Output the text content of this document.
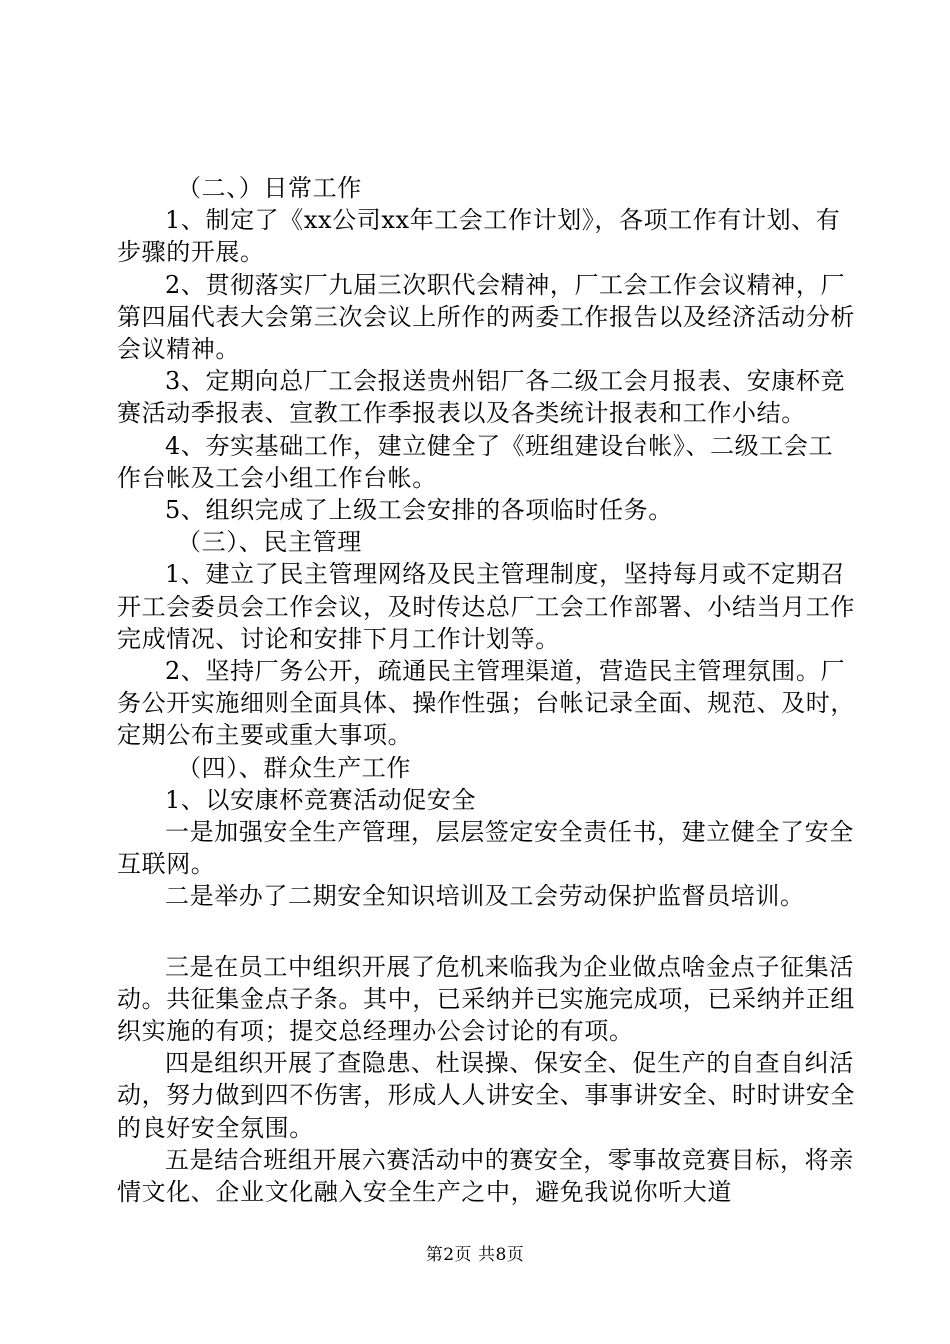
（二、）日常工作

1、制定了《xx公司xx年工会工作计划》，各项工作有计划、有步骤的开展。

2、贯彻落实厂九届三次职代会精神，厂工会工作会议精神，厂第四届代表大会第三次会议上所作的两委工作报告以及经济活动分析会议精神。

3、定期向总厂工会报送贵州铝厂各二级工会月报表、安康杯竞赛活动季报表、宣教工作季报表以及各类统计报表和工作小结。

4、夯实基础工作，建立健全了《班组建设台帐》、二级工会工作台帐及工会小组工作台帐。

5、组织完成了上级工会安排的各项临时任务。

（三）、民主管理

1、建立了民主管理网络及民主管理制度，坚持每月或不定期召开工会委员会工作会议，及时传达总厂工会工作部署、小结当月工作完成情况、讨论和安排下月工作计划等。

2、坚持厂务公开，疏通民主管理渠道，营造民主管理氛围。厂务公开实施细则全面具体、操作性强；台帐记录全面、规范、及时，定期公布主要或重大事项。

（四）、群众生产工作

1、以安康杯竞赛活动促安全

一是加强安全生产管理，层层签定安全责任书，建立健全了安全互联网。

二是举办了二期安全知识培训及工会劳动保护监督员培训。

三是在员工中组织开展了危机来临我为企业做点啥金点子征集活动。共征集金点子条。其中，已采纳并已实施完成项，已采纳并正组织实施的有项；提交总经理办公会讨论的有项。

四是组织开展了查隐患、杜误操、保安全、促生产的自查自纠活动，努力做到四不伤害，形成人人讲安全、事事讲安全、时时讲安全的良好安全氛围。

五是结合班组开展六赛活动中的赛安全，零事故竞赛目标，将亲情文化、企业文化融入安全生产之中，避免我说你听大道

第2页 共8页
